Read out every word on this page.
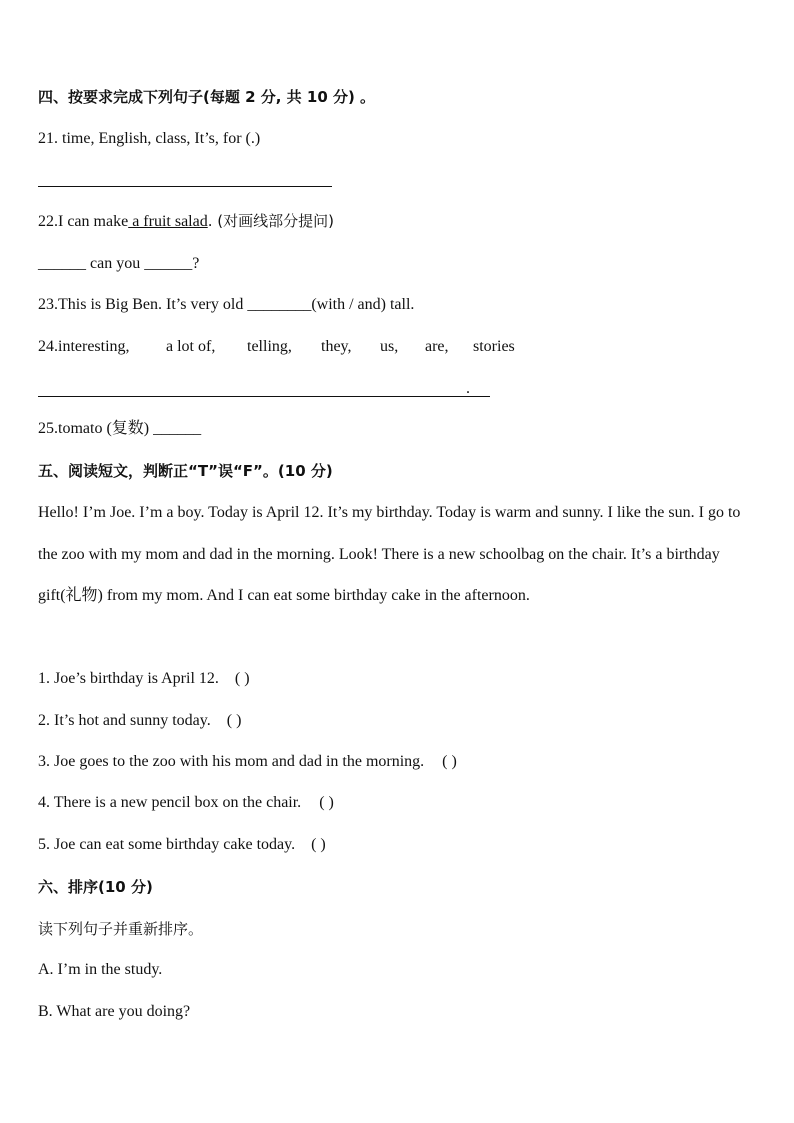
四、按要求完成下列句子(每题 2 分, 共 10 分) 。
21. time, English, class, It’s, for (.)
22.I can make a fruit salad. (对画线部分提问)
______ can you ______?
23.This is Big Ben. It’s very old ________(with / and) tall.
24.interesting, a lot of, telling, they, us, are, stories
.
25.tomato (复数) ______
五、阅读短文，判断正“T”误“F”。(10 分)
Hello! I’m Joe. I’m a boy. Today is April 12. It’s my birthday. Today is warm and sunny. I like the sun. I go to the zoo with my mom and dad in the morning. Look! There is a new schoolbag on the chair. It’s a birthday gift(礼物) from my mom. And I can eat some birthday cake in the afternoon.
1. Joe’s birthday is April 12. ( )
2. It’s hot and sunny today. ( )
3. Joe goes to the zoo with his mom and dad in the morning. ( )
4. There is a new pencil box on the chair. ( )
5. Joe can eat some birthday cake today. ( )
六、排序(10 分)
读下列句子并重新排序。
A. I’m in the study.
B. What are you doing?
